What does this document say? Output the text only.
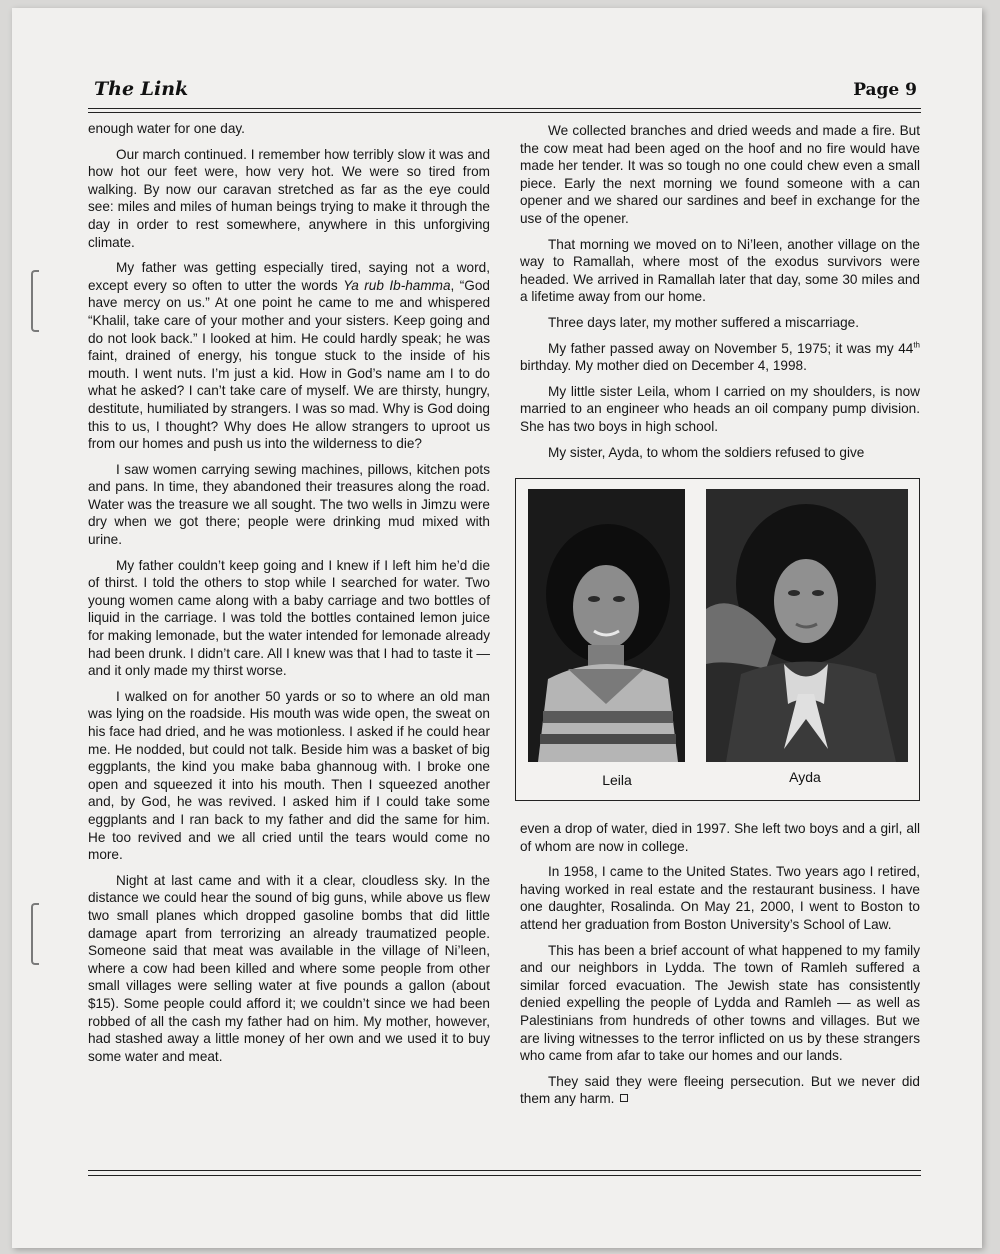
The Link	Page 9

enough water for one day.

Our march continued. I remember how terribly slow it was and how hot our feet were, how very hot. We were so tired from walking. By now our caravan stretched as far as the eye could see: miles and miles of human beings trying to make it through the day in order to rest somewhere, anywhere in this unforgiving climate.

My father was getting especially tired, saying not a word, except every so often to utter the words Ya rub Ib-hamma, “God have mercy on us.” At one point he came to me and whispered “Khalil, take care of your mother and your sisters. Keep going and do not look back.” I looked at him. He could hardly speak; he was faint, drained of energy, his tongue stuck to the inside of his mouth. I went nuts. I’m just a kid. How in God’s name am I to do what he asked? I can’t take care of myself. We are thirsty, hungry, destitute, humiliated by strangers. I was so mad. Why is God doing this to us, I thought? Why does He allow strangers to uproot us from our homes and push us into the wilderness to die?

I saw women carrying sewing machines, pillows, kitchen pots and pans. In time, they abandoned their treasures along the road. Water was the treasure we all sought. The two wells in Jimzu were dry when we got there; people were drinking mud mixed with urine.

My father couldn’t keep going and I knew if I left him he’d die of thirst. I told the others to stop while I searched for water. Two young women came along with a baby carriage and two bottles of liquid in the carriage. I was told the bottles contained lemon juice for making lemonade, but the water intended for lemonade already had been drunk. I didn’t care. All I knew was that I had to taste it — and it only made my thirst worse.

I walked on for another 50 yards or so to where an old man was lying on the roadside. His mouth was wide open, the sweat on his face had dried, and he was motionless. I asked if he could hear me. He nodded, but could not talk. Beside him was a basket of big eggplants, the kind you make baba ghannoug with. I broke one open and squeezed it into his mouth. Then I squeezed another and, by God, he was revived. I asked him if I could take some eggplants and I ran back to my father and did the same for him. He too revived and we all cried until the tears would come no more.

Night at last came and with it a clear, cloudless sky. In the distance we could hear the sound of big guns, while above us flew two small planes which dropped gasoline bombs that did little damage apart from terrorizing an already traumatized people. Someone said that meat was available in the village of Ni’leen, where a cow had been killed and where some people from other small villages were selling water at five pounds a gallon (about $15). Some people could afford it; we couldn’t since we had been robbed of all the cash my father had on him. My mother, however, had stashed away a little money of her own and we used it to buy some water and meat.

We collected branches and dried weeds and made a fire. But the cow meat had been aged on the hoof and no fire would have made her tender. It was so tough no one could chew even a small piece. Early the next morning we found someone with a can opener and we shared our sardines and beef in exchange for the use of the opener.

That morning we moved on to Ni’leen, another village on the way to Ramallah, where most of the exodus survivors were headed. We arrived in Ramallah later that day, some 30 miles and a lifetime away from our home.

Three days later, my mother suffered a miscarriage.

My father passed away on November 5, 1975; it was my 44th birthday. My mother died on December 4, 1998.

My little sister Leila, whom I carried on my shoulders, is now married to an engineer who heads an oil company pump division. She has two boys in high school.

My sister, Ayda, to whom the soldiers refused to give

Leila	Ayda

even a drop of water, died in 1997. She left two boys and a girl, all of whom are now in college.

In 1958, I came to the United States. Two years ago I retired, having worked in real estate and the restaurant business. I have one daughter, Rosalinda. On May 21, 2000, I went to Boston to attend her graduation from Boston University’s School of Law.

This has been a brief account of what happened to my family and our neighbors in Lydda. The town of Ramleh suffered a similar forced evacuation. The Jewish state has consistently denied expelling the people of Lydda and Ramleh — as well as Palestinians from hundreds of other towns and villages. But we are living witnesses to the terror inflicted on us by these strangers who came from afar to take our homes and our lands.

They said they were fleeing persecution. But we never did them any harm.
